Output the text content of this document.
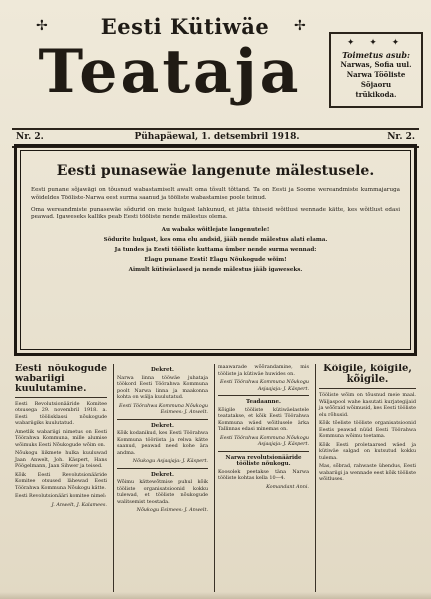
✢	Eesti Kütiwäe	✢
Teataja	✦ ✦ ✦
Toimetus asub:
Narwas, Sofia uul.
Narwa Tööliste Sõjaoru
trükikoda.
Nr. 2.	Pühapäewal, 1. detsembril 1918.	Nr. 2.
Eesti punasewäe langenute mälestusele.

Eesti punane sõjawägi on tõusnud wabastamiselt awalt oma tõsult tõttand. Ta on Eesti ja Soome wereandmiste kummajaruga wõideldes Tööliste-Narwa eest surma saanud ja tööliste wabastamise poole teinud.

Oma wereandmiste punasewäe sõdurid on meie hulgast lahkunud, et jätta ühiseid wõitlusi wennade kätte, kes wõitlust edasi peawad. Igaweseks kalliks peab Eesti tööliste nende mälestus olema.

Au wabaks wõitlejate langenutele!
Sõdurite hulgast, kes oma elu andsid, jääb nende mälestus alati elama.
Ja tundes ja Eesti tööliste kuttama ümber nende surma wennad:
Elagu punane Eesti! Elagu Nõukogude wõim!
Aimult kütiwäelased ja nende mälestus jääb igaweseks.
Eesti nõukogude wabariigi kuulutamine.

Eesti Revolutsionääride Komitee otsusega 29. novembril 1918. a. Eesti töölisklassi nõukogude wabariigiks kuulutatud.

Ametlik wabariigi nimetus on Eesti Töörahwa Kommuna, mille alumise wõimuks Eesti Nõukogude wõim on.

Nõukogu liikmete hulka kuuluwad Jaan Anwelt, Joh. Käspert, Hans Pöögelmann, Jaan Sihwer ja teised.

Kõik Eesti Revolutsionääride Komitee otsused lähewad Eesti Töörahwa Kommuna Nõukogu kätte.

Eesti Revolutsionääri komitee nimel:

J. Anwelt, J. Kalamees.
Dekret.

Narwa linna tööwäe juhataja töökord Eesti Töörahwa Kommuna poolt Narwa linna ja maakonna kohta on wälja kuulutatud.

Eesti Töörahwa Kommuna Nõukogu Esimees: J. Anwelt.
Dekret.

Kõik kodanikud, kes Eesti Töörahwa Kommuna tööriista ja relwa kätte saanud, peawad need kohe ära andma.

Nõukogu Asjaajaja: J. Käspert.
Dekret.

Wõimu kättewõtmise puhul kõik tööliste organisatsioonid kokku tulewad, et tööliste nõukogude walitsemist teostada.

Nõukogu Esimees: J. Anwelt.

maawarade wõõrandamine, mis tööliste ja kütiwäe huwides on.

Eesti Töörahwa Kommuna Nõukogu Asjaajaja: J. Käspert.
Teadaanne.

Kõigile tööliste kütiwäelastele teatatakse, et kõik Eesti Töörahwa Kommuna wäed wõitlusele ärka Tallinnas edasi minemas on.

Eesti Töörahwa Kommuna Nõukogu Asjaajaja: J. Käspert.
Narwa revolutsionääride tööliste nõukogu.

Koosolek peetakse täna Narwa tööliste kohtas kella 10—4.

Komandant Anni.
Kõigile, kõigile, kõigile.

Tööliste wõim on tõusnud meie maal. Wäljaspool wahe kasutati kurjategijaid ja wõõraid wõimusid, kes Eesti tööliste elu rõhusid.

Kõik tõeliste tööliste organisatsioonid Eestis peawad nüüd Eesti Töörahwa Kommuna wõimu toetama.

Kõik Eesti proletaarsed wäed ja kütiwäe salgad on kutsutud kokku tulema.

Mas, sõbrad, rahwaste ühendus, Eesti wabariigi ja wennade eest kõik tööliste wõitluses.
